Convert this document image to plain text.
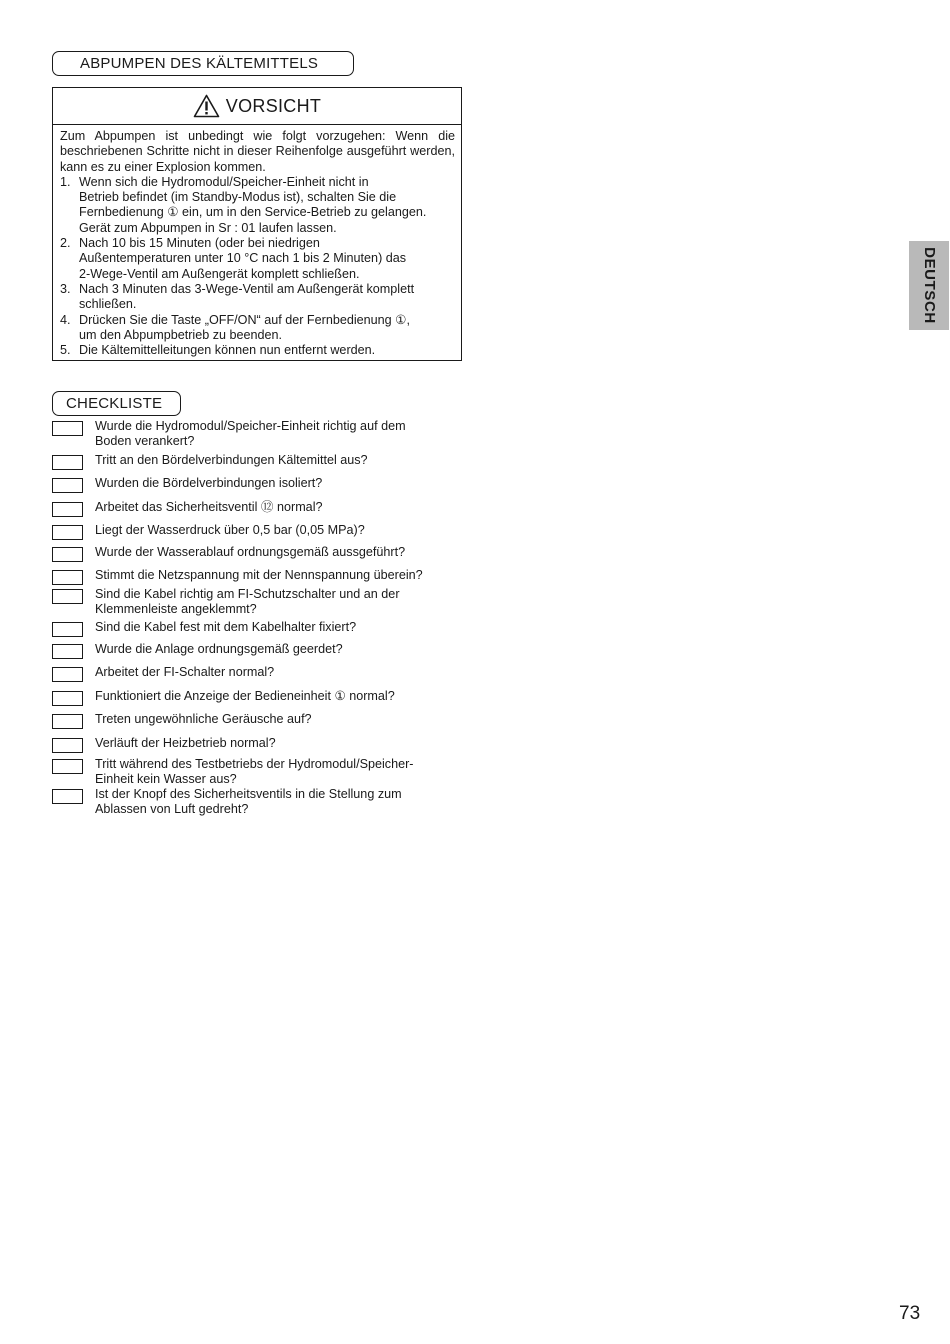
ABPUMPEN DES KÄLTEMITTELS
VORSICHT

Zum Abpumpen ist unbedingt wie folgt vorzugehen: Wenn die beschriebenen Schritte nicht in dieser Reihenfolge ausgeführt werden, kann es zu einer Explosion kommen.

1. Wenn sich die Hydromodul/Speicher-Einheit nicht in
Betrieb befindet (im Standby-Modus ist), schalten Sie die
Fernbedienung ① ein, um in den Service-Betrieb zu gelangen.
Gerät zum Abpumpen in Sr : 01 laufen lassen.
2. Nach 10 bis 15 Minuten (oder bei niedrigen
Außentemperaturen unter 10 °C nach 1 bis 2 Minuten) das
2-Wege-Ventil am Außengerät komplett schließen.
3. Nach 3 Minuten das 3-Wege-Ventil am Außengerät komplett
schließen.
4. Drücken Sie die Taste „OFF/ON“ auf der Fernbedienung ①,
um den Abpumpbetrieb zu beenden.
5. Die Kältemittelleitungen können nun entfernt werden.
CHECKLISTE
Wurde die Hydromodul/Speicher-Einheit richtig auf dem
Boden verankert?
Tritt an den Bördelverbindungen Kältemittel aus?
Wurden die Bördelverbindungen isoliert?
Arbeitet das Sicherheitsventil ⑫ normal?
Liegt der Wasserdruck über 0,5 bar (0,05 MPa)?
Wurde der Wasserablauf ordnungsgemäß aussgeführt?
Stimmt die Netzspannung mit der Nennspannung überein?
Sind die Kabel richtig am FI-Schutzschalter und an der
Klemmenleiste angeklemmt?
Sind die Kabel fest mit dem Kabelhalter fixiert?
Wurde die Anlage ordnungsgemäß geerdet?
Arbeitet der FI-Schalter normal?
Funktioniert die Anzeige der Bedieneinheit ① normal?
Treten ungewöhnliche Geräusche auf?
Verläuft der Heizbetrieb normal?
Tritt während des Testbetriebs der Hydromodul/Speicher-
Einheit kein Wasser aus?
Ist der Knopf des Sicherheitsventils in die Stellung zum
Ablassen von Luft gedreht?
DEUTSCH
73
